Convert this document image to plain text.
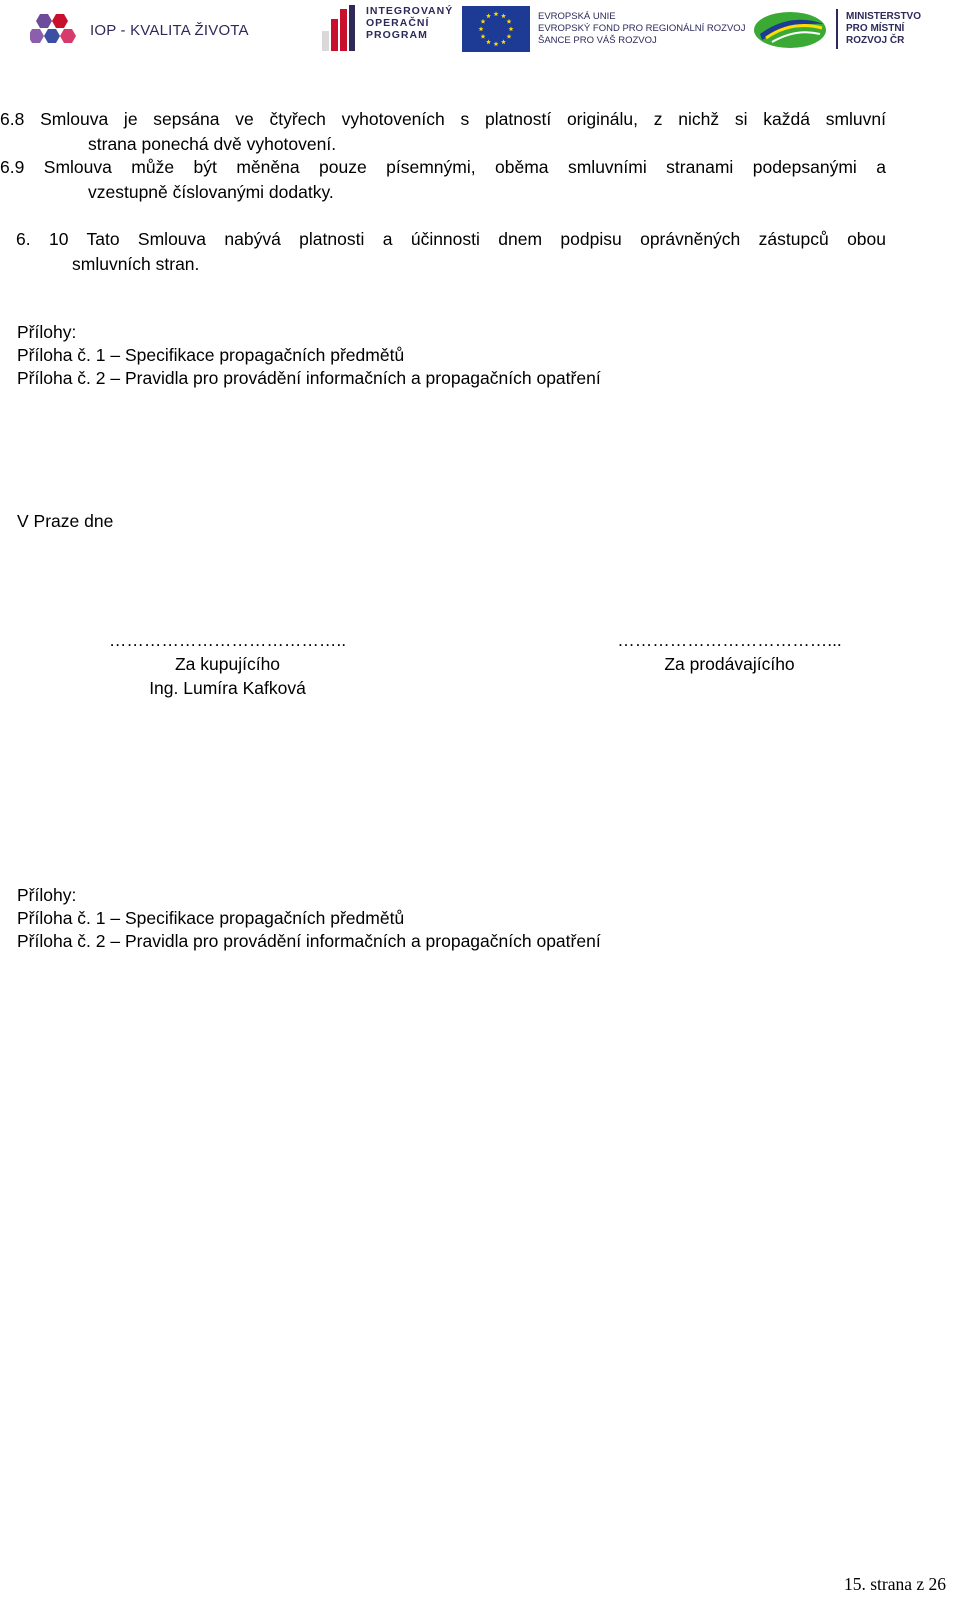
IOP - KVALITA ŽIVOTA
INTEGROVANÝ
OPERAČNÍ
PROGRAM
EVROPSKÁ UNIE
EVROPSKÝ FOND PRO REGIONÁLNÍ ROZVOJ
ŠANCE PRO VÁŠ ROZVOJ
MINISTERSTVO
PRO MÍSTNÍ
ROZVOJ ČR
6.8 Smlouva je sepsána ve čtyřech vyhotoveních s platností originálu, z nichž si každá smluvní
strana ponechá dvě vyhotovení.
6.9 Smlouva může být měněna pouze písemnými, oběma smluvními stranami podepsanými a
vzestupně číslovanými dodatky.
6. 10 Tato Smlouva nabývá platnosti a účinnosti dnem podpisu oprávněných zástupců obou
smluvních stran.
Přílohy:
Příloha č. 1 – Specifikace propagačních předmětů
Příloha č. 2 – Pravidla pro provádění informačních a propagačních opatření
V Praze dne
…………………………………..
Za kupujícího
Ing. Lumíra Kafková
………………………………...
Za prodávajícího
Přílohy:
Příloha č. 1 – Specifikace propagačních předmětů
Příloha č. 2 – Pravidla pro provádění informačních a propagačních opatření
15. strana z 26
